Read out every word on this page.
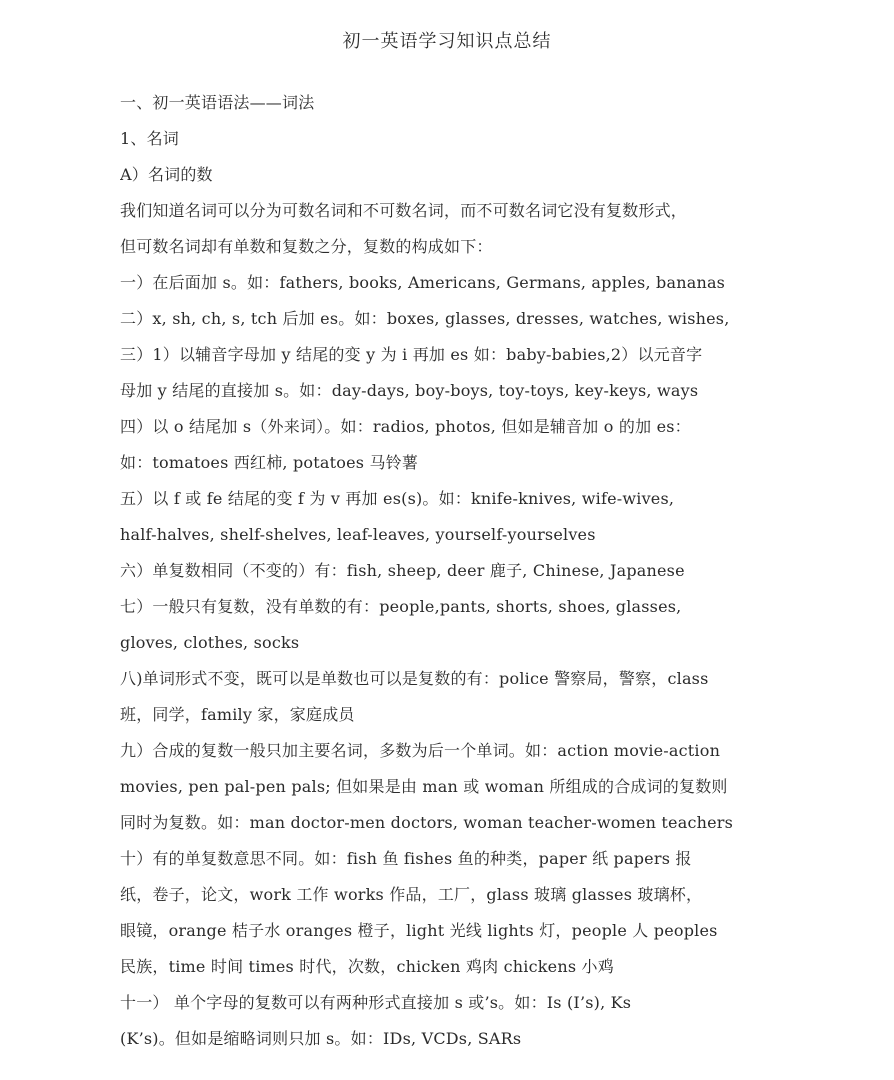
初一英语学习知识点总结
一、初一英语语法——词法
1、名词
A）名词的数
我们知道名词可以分为可数名词和不可数名词，而不可数名词它没有复数形式，
但可数名词却有单数和复数之分，复数的构成如下：
一）在后面加 s。如：fathers, books, Americans, Germans, apples, bananas
二）x, sh, ch, s, tch 后加 es。如：boxes, glasses, dresses, watches, wishes,
三）1）以辅音字母加 y 结尾的变 y 为 i 再加 es 如：baby-babies,2）以元音字
母加 y 结尾的直接加 s。如：day-days, boy-boys, toy-toys, key-keys, ways
四）以 o 结尾加 s（外来词）。如：radios, photos, 但如是辅音加 o 的加 es：
如：tomatoes 西红柿, potatoes 马铃薯
五）以 f 或 fe 结尾的变 f 为 v 再加 es(s)。如：knife-knives, wife-wives,
half-halves, shelf-shelves, leaf-leaves, yourself-yourselves
六）单复数相同（不变的）有：fish, sheep, deer 鹿子, Chinese, Japanese
七）一般只有复数，没有单数的有：people,pants, shorts, shoes, glasses,
gloves, clothes, socks
八)单词形式不变，既可以是单数也可以是复数的有：police 警察局，警察，class
班，同学，family 家，家庭成员
九）合成的复数一般只加主要名词，多数为后一个单词。如：action movie-action
movies, pen pal-pen pals; 但如果是由 man 或 woman 所组成的合成词的复数则
同时为复数。如：man doctor-men doctors, woman teacher-women teachers
十）有的单复数意思不同。如：fish 鱼 fishes 鱼的种类，paper 纸 papers 报
纸，卷子，论文，work 工作 works 作品，工厂，glass 玻璃 glasses 玻璃杯，
眼镜，orange 桔子水 oranges 橙子，light 光线 lights 灯，people 人 peoples
民族，time 时间 times 时代，次数，chicken 鸡肉 chickens 小鸡
十一） 单个字母的复数可以有两种形式直接加 s 或’s。如：Is (I’s), Ks
(K’s)。但如是缩略词则只加 s。如：IDs, VCDs, SARs
